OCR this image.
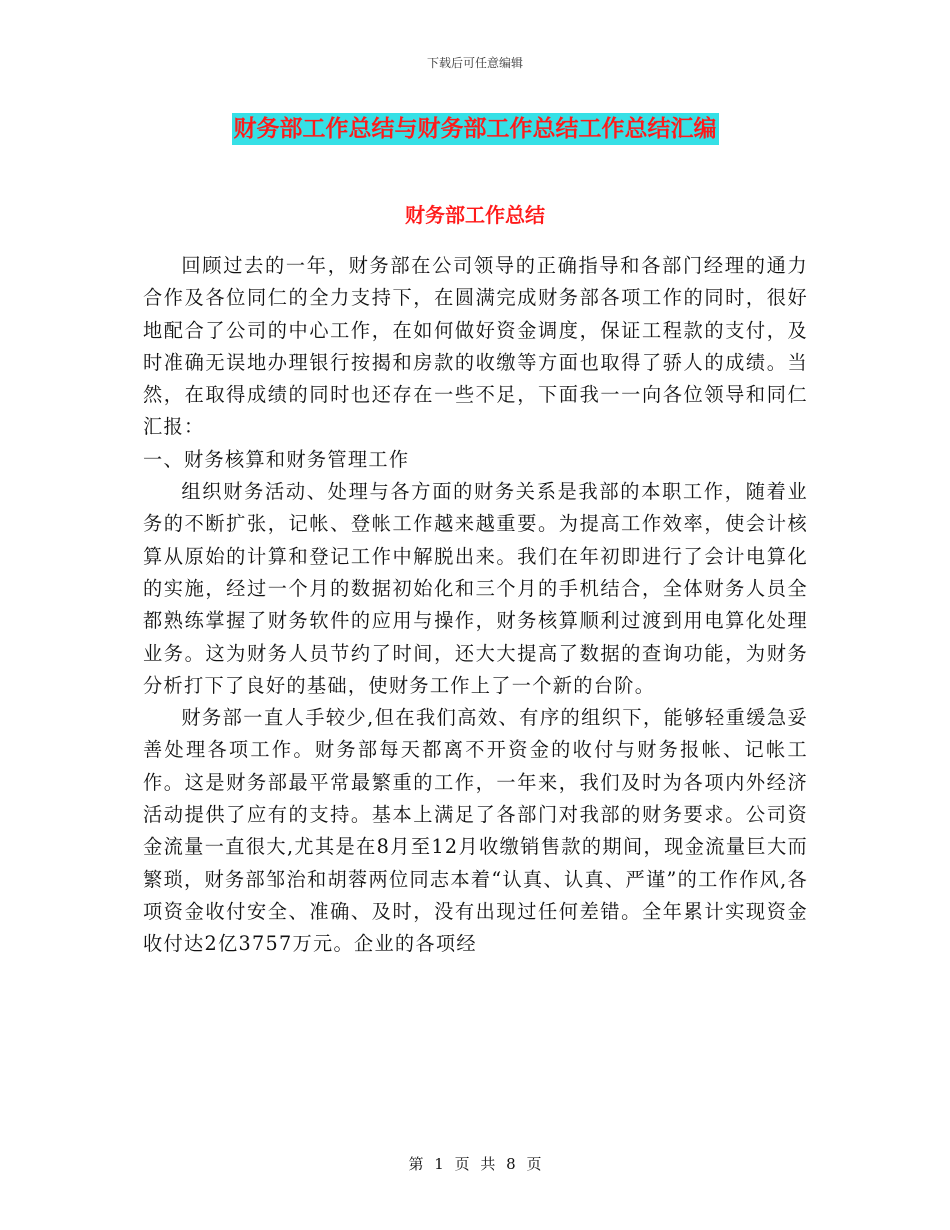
下载后可任意编辑
财务部工作总结与财务部工作总结工作总结汇编
财务部工作总结

回顾过去的一年，财务部在公司领导的正确指导和各部门经理的通力合作及各位同仁的全力支持下，在圆满完成财务部各项工作的同时，很好地配合了公司的中心工作，在如何做好资金调度，保证工程款的支付，及时准确无误地办理银行按揭和房款的收缴等方面也取得了骄人的成绩。当然，在取得成绩的同时也还存在一些不足，下面我一一向各位领导和同仁汇报：

一、财务核算和财务管理工作

组织财务活动、处理与各方面的财务关系是我部的本职工作，随着业务的不断扩张，记帐、登帐工作越来越重要。为提高工作效率，使会计核算从原始的计算和登记工作中解脱出来。我们在年初即进行了会计电算化的实施，经过一个月的数据初始化和三个月的手机结合，全体财务人员全都熟练掌握了财务软件的应用与操作，财务核算顺利过渡到用电算化处理业务。这为财务人员节约了时间，还大大提高了数据的查询功能，为财务分析打下了良好的基础，使财务工作上了一个新的台阶。

财务部一直人手较少,但在我们高效、有序的组织下，能够轻重缓急妥善处理各项工作。财务部每天都离不开资金的收付与财务报帐、记帐工作。这是财务部最平常最繁重的工作，一年来，我们及时为各项内外经济活动提供了应有的支持。基本上满足了各部门对我部的财务要求。公司资金流量一直很大,尤其是在8月至12月收缴销售款的期间，现金流量巨大而繁琐，财务部邹治和胡蓉两位同志本着“认真、认真、严谨”的工作作风,各项资金收付安全、准确、及时，没有出现过任何差错。全年累计实现资金收付达2亿3757万元。企业的各项经

第 1 页 共 8 页
